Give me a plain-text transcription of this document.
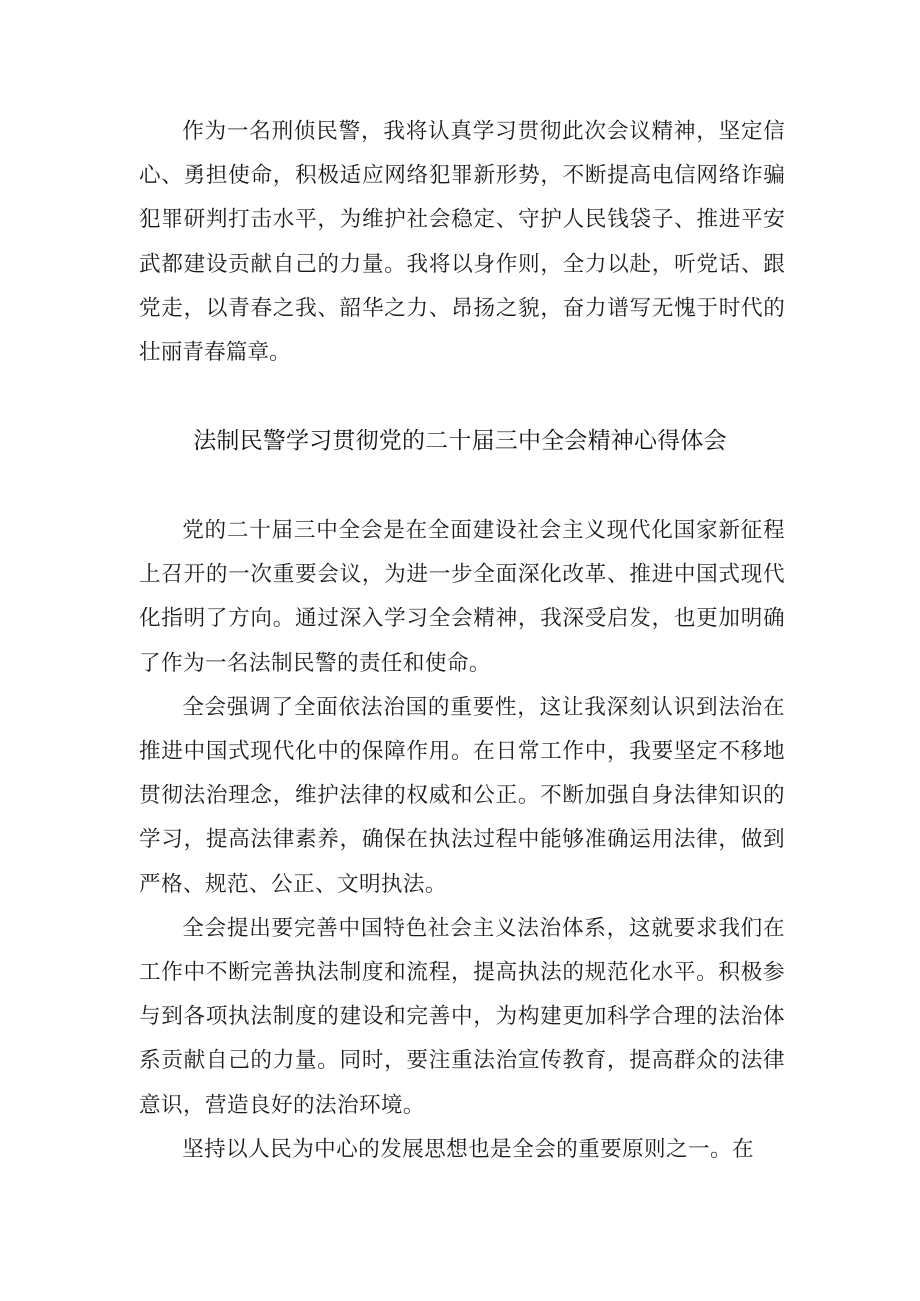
作为一名刑侦民警，我将认真学习贯彻此次会议精神，坚定信心、勇担使命，积极适应网络犯罪新形势，不断提高电信网络诈骗犯罪研判打击水平，为维护社会稳定、守护人民钱袋子、推进平安武都建设贡献自己的力量。我将以身作则，全力以赴，听党话、跟党走，以青春之我、韶华之力、昂扬之貌，奋力谱写无愧于时代的壮丽青春篇章。

法制民警学习贯彻党的二十届三中全会精神心得体会

党的二十届三中全会是在全面建设社会主义现代化国家新征程上召开的一次重要会议，为进一步全面深化改革、推进中国式现代化指明了方向。通过深入学习全会精神，我深受启发，也更加明确了作为一名法制民警的责任和使命。

全会强调了全面依法治国的重要性，这让我深刻认识到法治在推进中国式现代化中的保障作用。在日常工作中，我要坚定不移地贯彻法治理念，维护法律的权威和公正。不断加强自身法律知识的学习，提高法律素养，确保在执法过程中能够准确运用法律，做到严格、规范、公正、文明执法。

全会提出要完善中国特色社会主义法治体系，这就要求我们在工作中不断完善执法制度和流程，提高执法的规范化水平。积极参与到各项执法制度的建设和完善中，为构建更加科学合理的法治体系贡献自己的力量。同时，要注重法治宣传教育，提高群众的法律意识，营造良好的法治环境。

坚持以人民为中心的发展思想也是全会的重要原则之一。在
